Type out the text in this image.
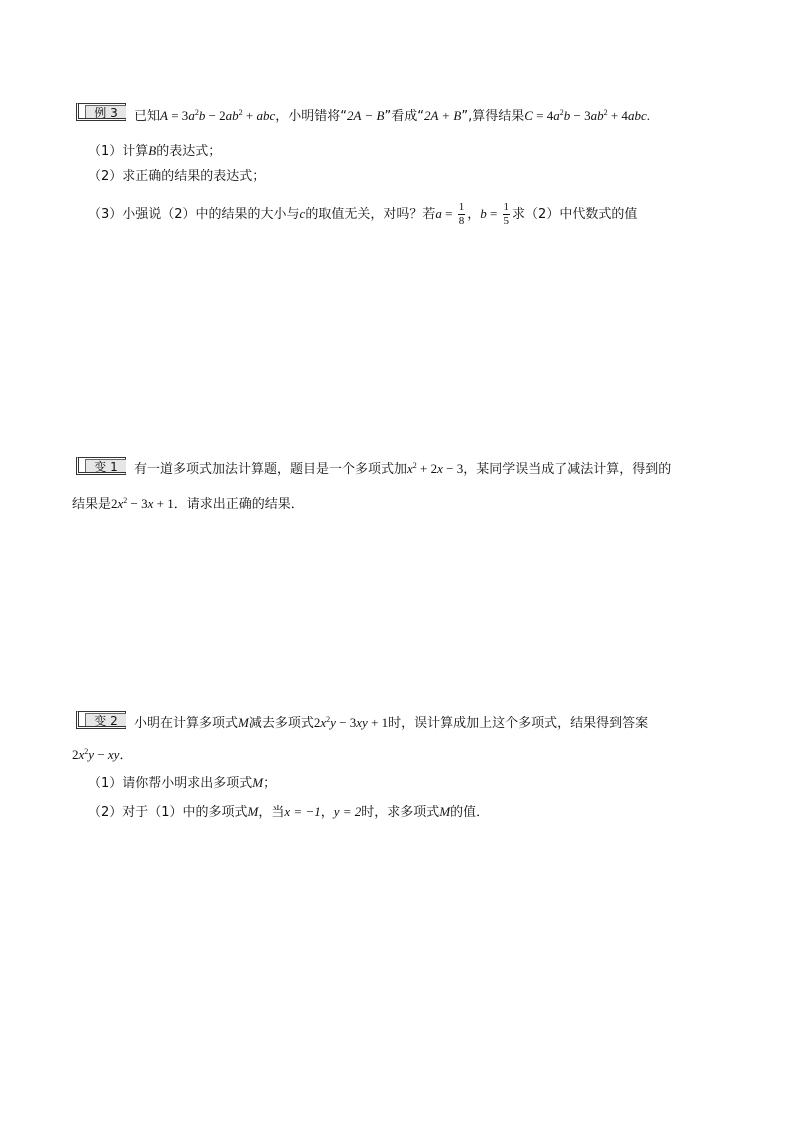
例 3	已知$A = 3a^2b - 2ab^2$ + abc，小明错将“2A − B”看成“2A + B”,算得结果$C = 4a^2b - 3ab^2 + 4abc$.
（1）计算B的表达式；
（2）求正确的结果的表达式；
（3）小强说（2）中的结果的大小与c的取值无关，对吗？若$a = \frac{1}{8}$ ，$b = \frac{1}{5}$ 求（2）中代数式的值
变 1	有一道多项式加法计算题，题目是一个多项式加$x^2 + 2x - 3$，某同学误当成了减法计算，得到的
结果是$2x^2 - 3x + 1$．请求出正确的结果．
变 2	小明在计算多项式M减去多项式$2x^2y - 3xy + 1$时，误计算成加上这个多项式，结果得到答案
$2x^2y$ − xy．
（1）请你帮小明求出多项式M；
（2）对于（1）中的多项式M，当x = −1，y = 2时，求多项式M的值．
